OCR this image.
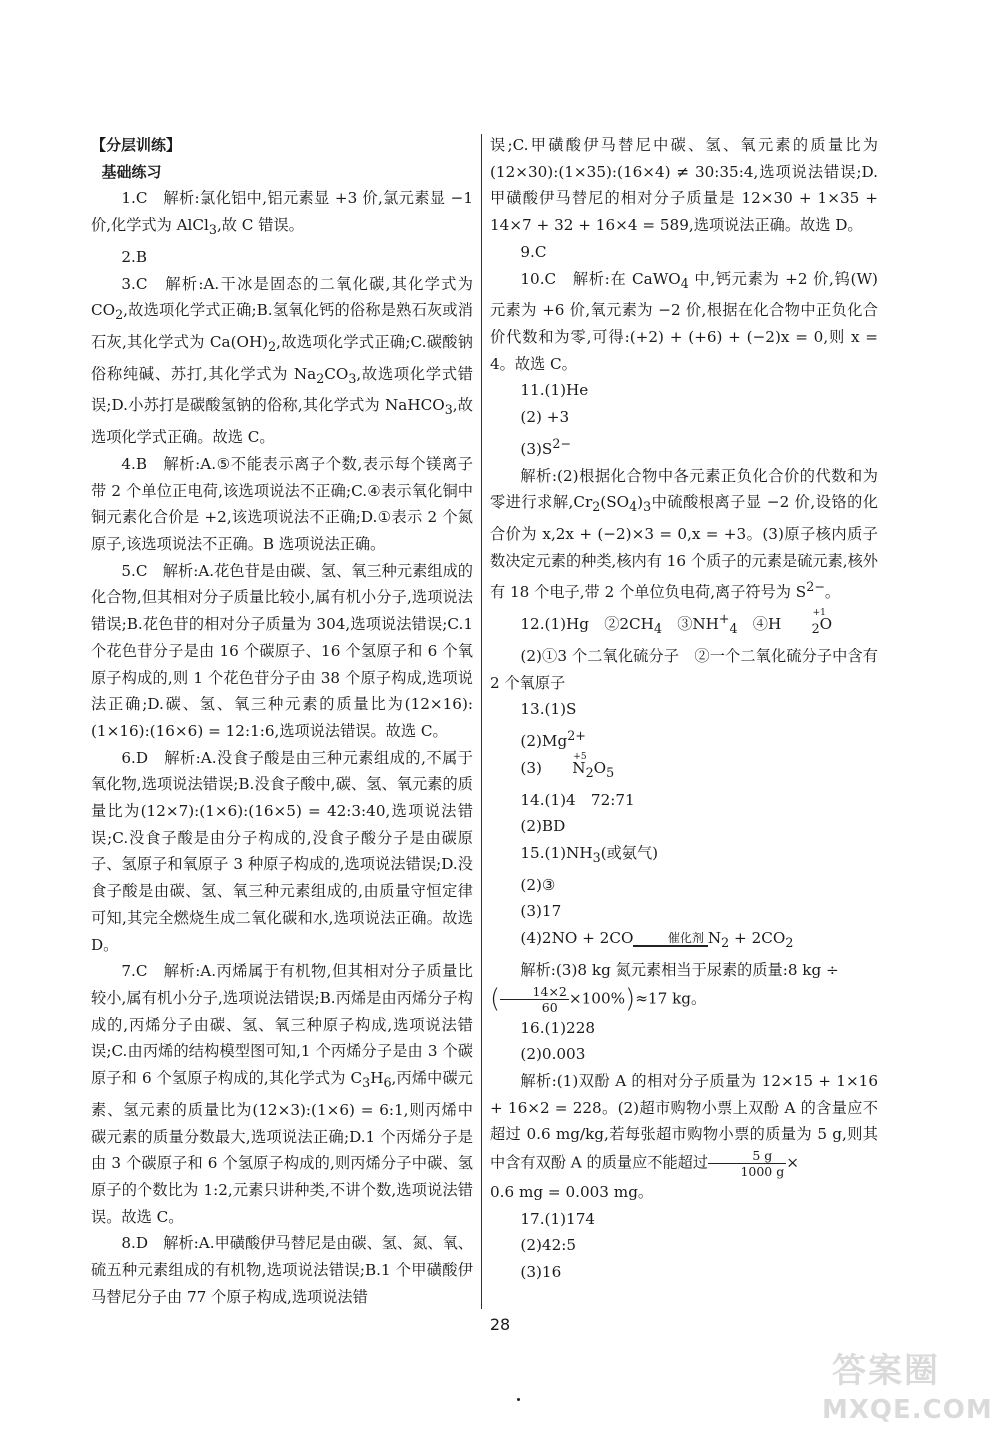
【分层训练】

基础练习

1.C　解析:氯化铝中,铝元素显 +3 价,氯元素显 −1 价,化学式为 AlCl$_3$,故 C 错误。

2.B

3.C　解析:A.干冰是固态的二氧化碳,其化学式为 $CO_2$,故选项化学式正确;B.氢氧化钙的俗称是熟石灰或消石灰,其化学式为 $Ca(OH)_2$,故选项化学式正确;C.碳酸钠俗称纯碱、苏打,其化学式为 $Na_2CO_3$,故选项化学式错误;D.小苏打是碳酸氢钠的俗称,其化学式为 NaHCO$_3$,故选项化学式正确。故选 C。

4.B　解析:A.⑤不能表示离子个数,表示每个镁离子带 2 个单位正电荷,该选项说法不正确;C.④表示氧化铜中铜元素化合价是 +2,该选项说法不正确;D.①表示 2 个氮原子,该选项说法不正确。B 选项说法正确。

5.C　解析:A.花色苷是由碳、氢、氧三种元素组成的化合物,但其相对分子质量比较小,属有机小分子,选项说法错误;B.花色苷的相对分子质量为 304,选项说法错误;C.1 个花色苷分子是由 16 个碳原子、16 个氢原子和 6 个氧原子构成的,则 1 个花色苷分子由 38 个原子构成,选项说法正确;D.碳、氢、氧三种元素的质量比为(12×16):(1×16):(16×6) = 12:1:6,选项说法错误。故选 C。

6.D　解析:A.没食子酸是由三种元素组成的,不属于氧化物,选项说法错误;B.没食子酸中,碳、氢、氧元素的质量比为(12×7):(1×6):(16×5) = 42:3:40,选项说法错误;C.没食子酸是由分子构成的,没食子酸分子是由碳原子、氢原子和氧原子 3 种原子构成的,选项说法错误;D.没食子酸是由碳、氢、氧三种元素组成的,由质量守恒定律可知,其完全燃烧生成二氧化碳和水,选项说法正确。故选 D。

7.C　解析:A.丙烯属于有机物,但其相对分子质量比较小,属有机小分子,选项说法错误;B.丙烯是由丙烯分子构成的,丙烯分子由碳、氢、氧三种原子构成,选项说法错误;C.由丙烯的结构模型图可知,1 个丙烯分子是由 3 个碳原子和 6 个氢原子构成的,其化学式为 $C_3H_6$,丙烯中碳元素、氢元素的质量比为(12×3):(1×6) = 6:1,则丙烯中碳元素的质量分数最大,选项说法正确;D.1 个丙烯分子是由 3 个碳原子和 6 个氢原子构成的,则丙烯分子中碳、氢原子的个数比为 1:2,元素只讲种类,不讲个数,选项说法错误。故选 C。

8.D　解析:A.甲磺酸伊马替尼是由碳、氢、氮、氧、硫五种元素组成的有机物,选项说法错误;B.1 个甲磺酸伊马替尼分子由 77 个原子构成,选项说法错

误;C.甲磺酸伊马替尼中碳、氢、氧元素的质量比为(12×30):(1×35):(16×4) ≠ 30:35:4,选项说法错误;D.甲磺酸伊马替尼的相对分子质量是 12×30 + 1×35 + 14×7 + 32 + 16×4 = 589,选项说法正确。故选 D。

9.C

10.C　解析:在 CaWO$_4$ 中,钙元素为 +2 价,钨(W)元素为 +6 价,氧元素为 −2 价,根据在化合物中正负化合价代数和为零,可得:(+2) + (+6) + (−2)x = 0,则 x = 4。故选 C。

11.(1)He

(2) +3

$(3)S^{2-}$

解析:(2)根据化合物中各元素正负化合价的代数和为零进行求解$,Cr_2(SO_4)_3$中硫酸根离子显 −2 价,设铬的化合价为 x,2x + (−2)×3 = 0,x = +3。(3)原子核内质子数决定元素的种类,核内有 16 个质子的元素是硫元素,核外有 18 个电子,带 2 个单位负电荷,离子符号为 $S^{2-}$。

12.(1)Hg　$②2CH_4$　$③NH^+_4$　④H
+1
$_2$O

(2)①3 个二氧化硫分子　②一个二氧化硫分子中含有 2 个氧原子

13.(1)S

$(2)Mg^{2+}$

(3) N
+5
$_2O_5$

14.(1)4　72:71

(2)BD

$15.(1)NH_3$(或氨气)

(2)③

(3)17

(4)2NO + 2CO	催化剂 $N_2 + 2CO_2$

解析:(3)8 kg 氮元素相当于尿素的质量:8 kg ÷
( $\frac{14\times 2}{60} \times 100\%)\approx 17$ kg。

16.(1)228

(2)0.003

解析:(1)双酚 A 的相对分子质量为 12×15 + 1×16 + 16×2 = 228。(2)超市购物小票上双酚 A 的含量应不超过 0.6 mg/kg,若每张超市购物小票的质量为 5 g,则其中含有双酚 A 的质量应不能超过 $\frac{5 g}{1000 g}$ ×
0.6 mg = 0.003 mg。

17.(1)174

(2)42:5

(3)16

28
答案圈
MXQE.COM
